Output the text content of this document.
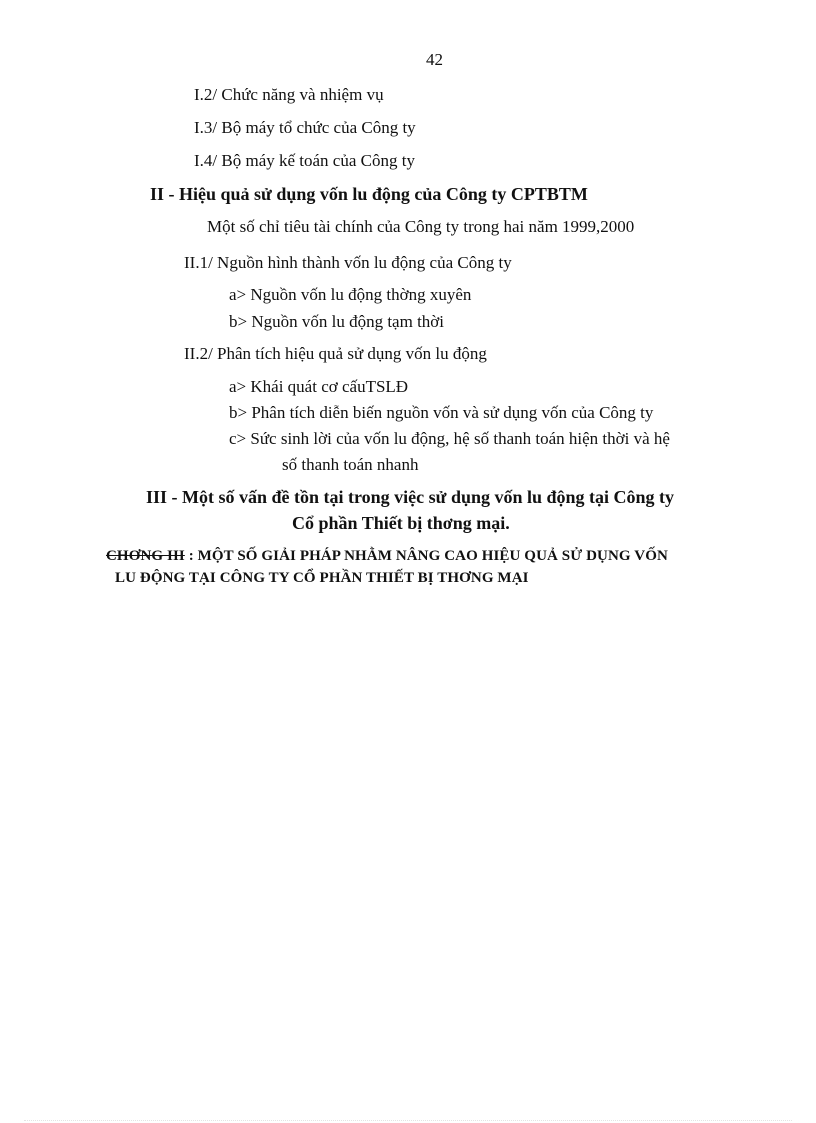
42
I.2/ Chức năng và nhiệm vụ
I.3/ Bộ máy tổ chức của Công ty
I.4/ Bộ máy kế toán của Công ty
II - Hiệu quả sử dụng vốn lu động của Công ty CPTBTM
Một số chỉ tiêu tài chính của Công ty trong hai năm 1999,2000
II.1/ Nguồn hình thành vốn lu động của Công ty
a> Nguồn vốn lu động thờng xuyên
b> Nguồn vốn lu động tạm thời
II.2/ Phân tích hiệu quả sử dụng vốn lu động
a> Khái quát cơ cấuTSLĐ
b> Phân tích diễn biến nguồn vốn và sử dụng vốn của Công ty
c> Sức sinh lời của vốn lu động, hệ số thanh toán hiện thời và hệ
số thanh toán nhanh
III - Một số vấn đề tồn tại trong việc sử dụng vốn lu động tại Công ty
Cổ phần Thiết bị thơng mại.
CHƠNG III : MỘT SỐ GIẢI PHÁP NHẰM NÂNG CAO HIỆU QUẢ SỬ DỤNG VỐN
LU ĐỘNG TẠI CÔNG TY CỔ PHẦN THIẾT BỊ THƠNG MẠI
